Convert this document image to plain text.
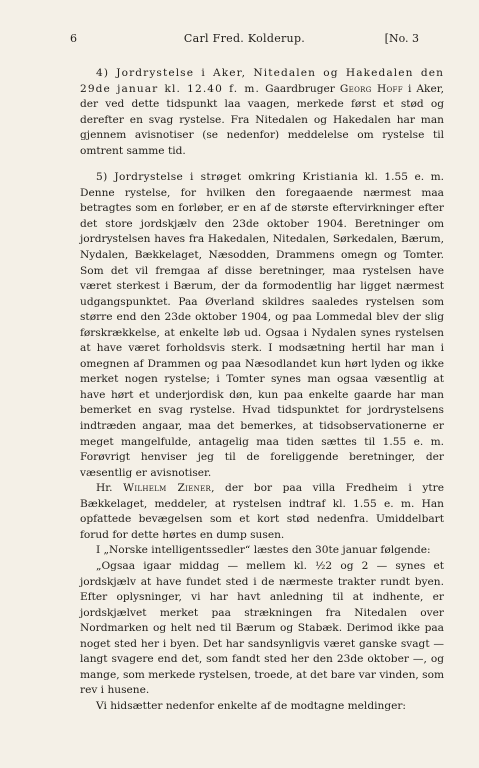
6	Carl Fred. Kolderup.	[No. 3

4) Jordrystelse i Aker, Nitedalen og Hakedalen den 29de januar kl. 12.40 f. m. Gaardbruger Georg Hoff i Aker, der ved dette tidspunkt laa vaagen, merkede først et stød og derefter en svag rystelse. Fra Nitedalen og Hakedalen har man gjennem avisnotiser (se nedenfor) meddelelse om rystelse til omtrent samme tid.

5) Jordrystelse i strøget omkring Kristiania kl. 1.55 e. m. Denne rystelse, for hvilken den foregaaende nærmest maa betragtes som en forløber, er en af de største eftervirkninger efter det store jordskjælv den 23de oktober 1904. Beretninger om jordrystelsen haves fra Hakedalen, Nitedalen, Sørkedalen, Bærum, Nydalen, Bækkelaget, Næsodden, Drammens omegn og Tomter. Som det vil fremgaa af disse beretninger, maa rystelsen have været sterkest i Bærum, der da formodentlig har ligget nærmest udgangspunktet. Paa Øverland skildres saaledes rystelsen som større end den 23de oktober 1904, og paa Lommedal blev der slig førskrækkelse, at enkelte løb ud. Ogsaa i Nydalen synes rystelsen at have været forholdsvis sterk. I modsætning hertil har man i omegnen af Drammen og paa Næsodlandet kun hørt lyden og ikke merket nogen rystelse; i Tomter synes man ogsaa væsentlig at have hørt et underjordisk døn, kun paa enkelte gaarde har man bemerket en svag rystelse. Hvad tidspunktet for jordrystelsens indtræden angaar, maa det bemerkes, at tidsobservationerne er meget mangelfulde, antagelig maa tiden sættes til 1.55 e. m. Forøvrigt henviser jeg til de foreliggende beretninger, der væsentlig er avisnotiser.

Hr. Wilhelm Ziener, der bor paa villa Fredheim i ytre Bækkelaget, meddeler, at rystelsen indtraf kl. 1.55 e. m. Han opfattede bevægelsen som et kort stød nedenfra. Umiddelbart forud for dette hørtes en dump susen.

I „Norske intelligentssedler“ læstes den 30te januar følgende:

„Ogsaa igaar middag — mellem kl. ½2 og 2 — synes et jordskjælv at have fundet sted i de nærmeste trakter rundt byen. Efter oplysninger, vi har havt anledning til at indhente, er jordskjælvet merket paa strækningen fra Nitedalen over Nordmarken og helt ned til Bærum og Stabæk. Derimod ikke paa noget sted her i byen. Det har sandsynligvis været ganske svagt — langt svagere end det, som fandt sted her den 23de oktober —, og mange, som merkede rystelsen, troede, at det bare var vinden, som rev i husene.

Vi hidsætter nedenfor enkelte af de modtagne meldinger:
